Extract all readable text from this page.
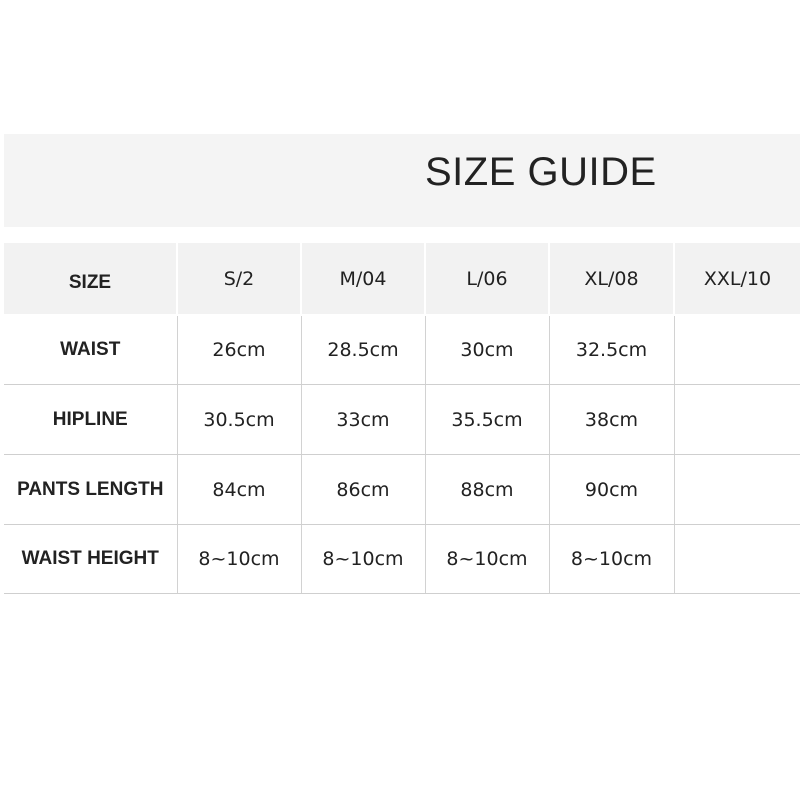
SIZE GUIDE
SIZE	S/2	M/04	L/06	XL/08	XXL/10
WAIST	26cm	28.5cm	30cm	32.5cm	
HIPLINE	30.5cm	33cm	35.5cm	38cm	
PANTS LENGTH	84cm	86cm	88cm	90cm	
WAIST HEIGHT	8~10cm	8~10cm	8~10cm	8~10cm	
